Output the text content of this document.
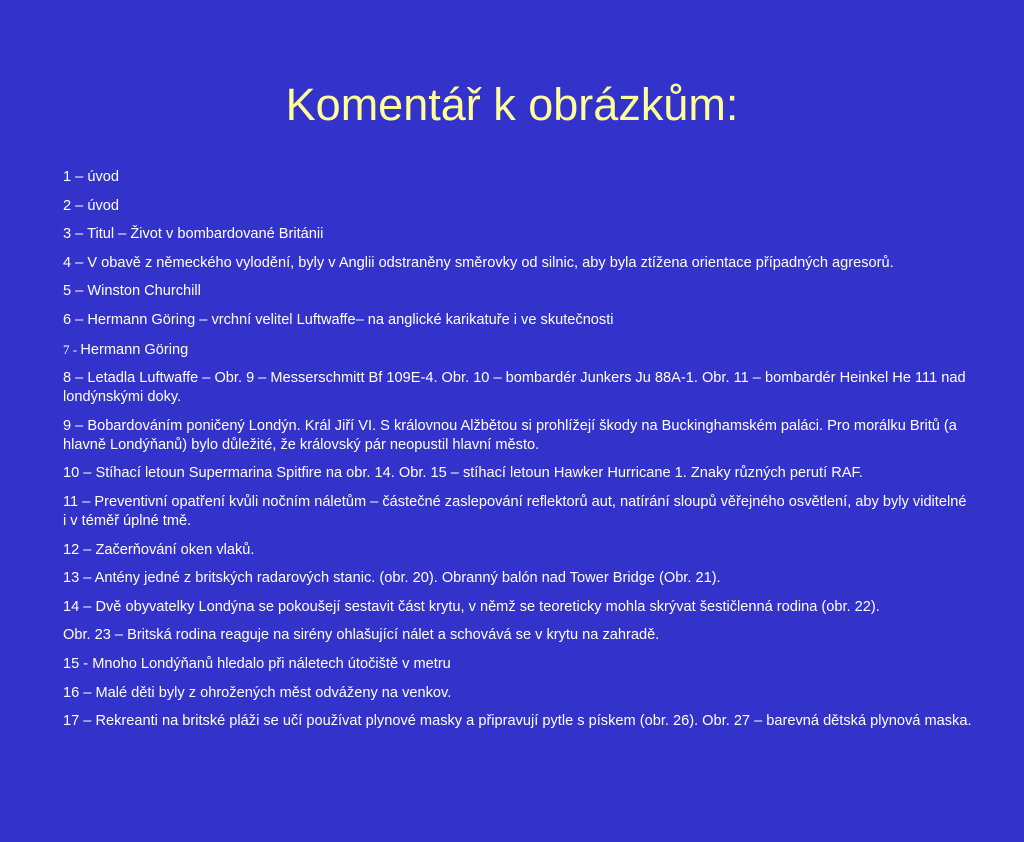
Komentář k obrázkům:
1 – úvod
2 – úvod
3 – Titul – Život v bombardované Británii
4 – V obavě z německého vylodění, byly v Anglii odstraněny směrovky od silnic, aby byla ztížena orientace případných agresorů.
5 – Winston Churchill
6 – Hermann Göring – vrchní velitel Luftwaffe– na anglické karikatuře i ve skutečnosti
7 - Hermann Göring
8 – Letadla Luftwaffe – Obr. 9 – Messerschmitt Bf 109E-4. Obr. 10 – bombardér Junkers Ju 88A-1. Obr. 11 – bombardér Heinkel He 111 nad londýnskými doky.
9 – Bobardováním poničený Londýn. Král Jiří VI. S královnou Alžbětou si prohlížejí škody na Buckinghamském paláci. Pro morálku Britů (a hlavně Londýňanů) bylo důležité, že královský pár neopustil hlavní město.
10 – Stíhací letoun Supermarina Spitfire na obr. 14. Obr. 15 – stíhací letoun Hawker Hurricane 1. Znaky různých perutí RAF.
11 – Preventivní opatření kvůli nočním náletům – částečné zaslepování reflektorů aut, natírání sloupů věřejného osvětlení, aby byly viditelné i v téměř úplné tmě.
12 – Začerňování oken vlaků.
13 – Antény jedné z britských radarových stanic. (obr. 20). Obranný balón nad Tower Bridge (Obr. 21).
14 – Dvě obyvatelky Londýna se pokoušejí sestavit část krytu, v němž se teoreticky mohla skrývat šestičlenná rodina (obr. 22).
Obr. 23 – Britská rodina reaguje na sirény ohlašující nálet a schovává se v krytu na zahradě.
15 - Mnoho Londýňanů hledalo při náletech útočiště v metru
16 – Malé děti byly z ohrožených měst odváženy na venkov.
17 – Rekreanti na britské pláži se učí používat plynové masky a připravují pytle s pískem (obr. 26). Obr. 27 – barevná dětská plynová maska.
